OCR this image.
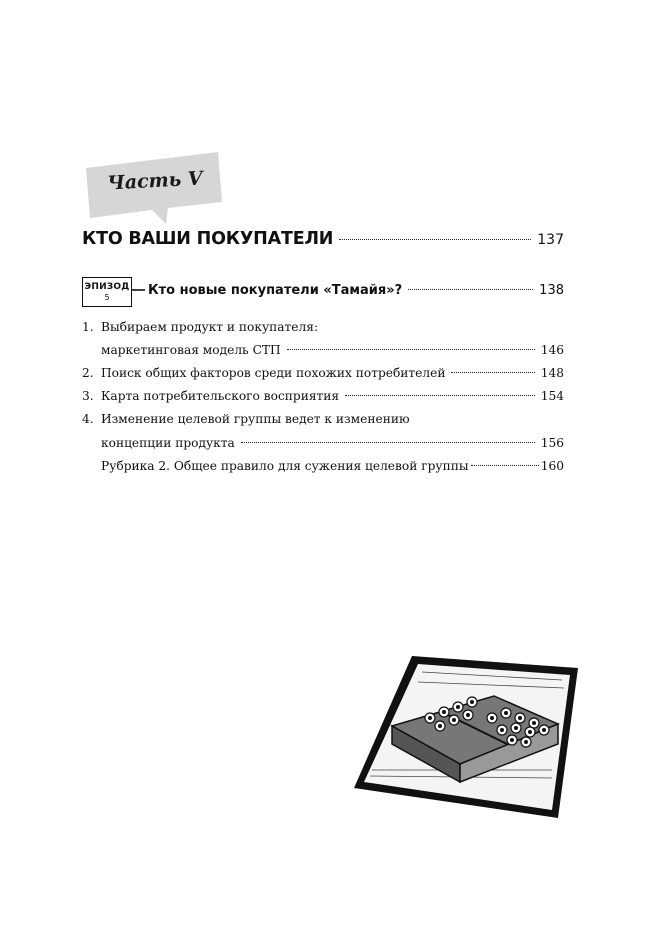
Часть V
КТО ВАШИ ПОКУПАТЕЛИ	137
ЭПИЗОД
5	Кто новые покупатели «Тамайя»?	138
1. Выбираем продукт и покупателя:
маркетинговая модель СТП	146
2. Поиск общих факторов среди похожих потребителей	148
3. Карта потребительского восприятия	154
4. Изменение целевой группы ведет к изменению
концепции продукта	156
Рубрика 2. Общее правило для сужения целевой группы	160
